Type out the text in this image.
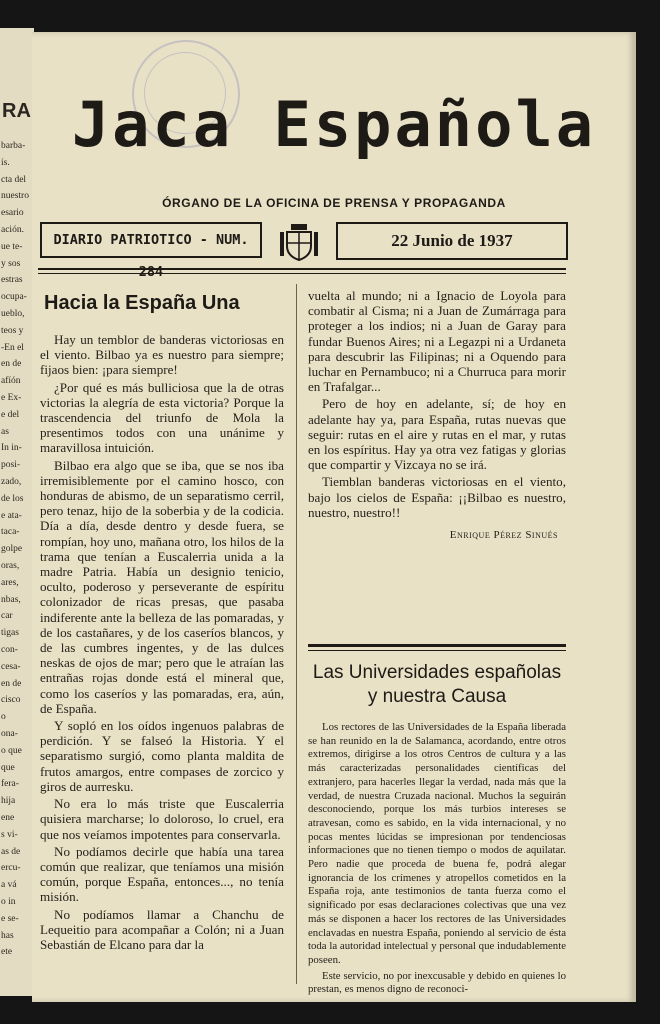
RA
barba-
ís.
cta del
nuestro
esario
ación.
ue te-
y sos
estras
ocupa-
ueblo,
teos y
-En el
en de
afíón
e Ex-
e del
as
In in-
posi-
zado,
de los
e ata-
taca-
golpe
oras,
ares,
nbas,
car
tigas
con-
cesa-
en de
cisco
o
ona-
o que
que
fera-
hija
ene
s vi-
as de
ercu-
a vá
o in
e se-
has
ete
Jaca Española
ÓRGANO DE LA OFICINA DE PRENSA Y PROPAGANDA
DIARIO PATRIOTICO - NUM. 284
22 Junio de 1937
Hacia la España Una

Hay un temblor de banderas victoriosas en el viento. Bilbao ya es nuestro para siempre; fijaos bien: ¡para siempre!

¿Por qué es más bulliciosa que la de otras victorias la alegría de esta victoria? Porque la trascendencia del triunfo de Mola la presentimos todos con una unánime y maravillosa intuición.

Bilbao era algo que se iba, que se nos iba irremisiblemente por el camino hosco, con honduras de abismo, de un separatismo cerril, pero tenaz, hijo de la soberbia y de la codicia. Día a día, desde dentro y desde fuera, se rompían, hoy uno, mañana otro, los hilos de la trama que tenían a Euscalerria unida a la madre Patria. Había un designio tenicio, oculto, poderoso y perseverante de espíritu colonizador de ricas presas, que pasaba indiferente ante la belleza de las pomaradas, y de los castañares, y de los caseríos blancos, y de las cumbres ingentes, y de las dulces neskas de ojos de mar; pero que le atraían las entrañas rojas donde está el mineral que, como los caseríos y las pomaradas, era, aún, de España.

Y sopló en los oídos ingenuos palabras de perdición. Y se falseó la Historia. Y el separatismo surgió, como planta maldita de frutos amargos, entre compases de zorcico y giros de aurresku.

No era lo más triste que Euscalerria quisiera marcharse; lo doloroso, lo cruel, era que nos veíamos impotentes para conservarla.

No podíamos decirle que había una tarea común que realizar, que teníamos una misión común, porque España, entonces..., no tenía misión.

No podíamos llamar a Chanchu de Lequeitio para acompañar a Colón; ni a Juan Sebastián de Elcano para dar la

vuelta al mundo; ni a Ignacio de Loyola para combatir al Cisma; ni a Juan de Zumárraga para proteger a los indios; ni a Juan de Garay para fundar Buenos Aires; ni a Legazpi ni a Urdaneta para descubrir las Filipinas; ni a Oquendo para luchar en Pernambuco; ni a Churruca para morir en Trafalgar...

Pero de hoy en adelante, sí; de hoy en adelante hay ya, para España, rutas nuevas que seguir: rutas en el aire y rutas en el mar, y rutas en los espíritus. Hay ya otra vez fatigas y glorias que compartir y Vizcaya no se irá.

Tiemblan banderas victoriosas en el viento, bajo los cielos de España: ¡¡Bilbao es nuestro, nuestro, nuestro!!

Enrique Pérez Sinués
Las Universidades españolas
y nuestra Causa

Los rectores de las Universidades de la España liberada se han reunido en la de Salamanca, acordando, entre otros extremos, dirigirse a los otros Centros de cultura y a las más caracterizadas personalidades científicas del extranjero, para hacerles llegar la verdad, nada más que la verdad, de nuestra Cruzada nacional. Muchos la seguirán desconociendo, porque los más turbios intereses se atravesan, como es sabido, en la vida internacional, y no pocas mentes lúcidas se impresionan por tendenciosas informaciones que no tienen tiempo o modos de aquilatar. Pero nadie que proceda de buena fe, podrá alegar ignorancia de los crímenes y atropellos cometidos en la España roja, ante testimonios de tanta fuerza como el significado por esas declaraciones colectivas que una vez más se disponen a hacer los rectores de las Universidades enclavadas en nuestra España, poniendo al servicio de ésta toda la autoridad intelectual y personal que indudablemente poseen.

Este servicio, no por inexcusable y debido en quienes lo prestan, es menos digno de reconoci-
